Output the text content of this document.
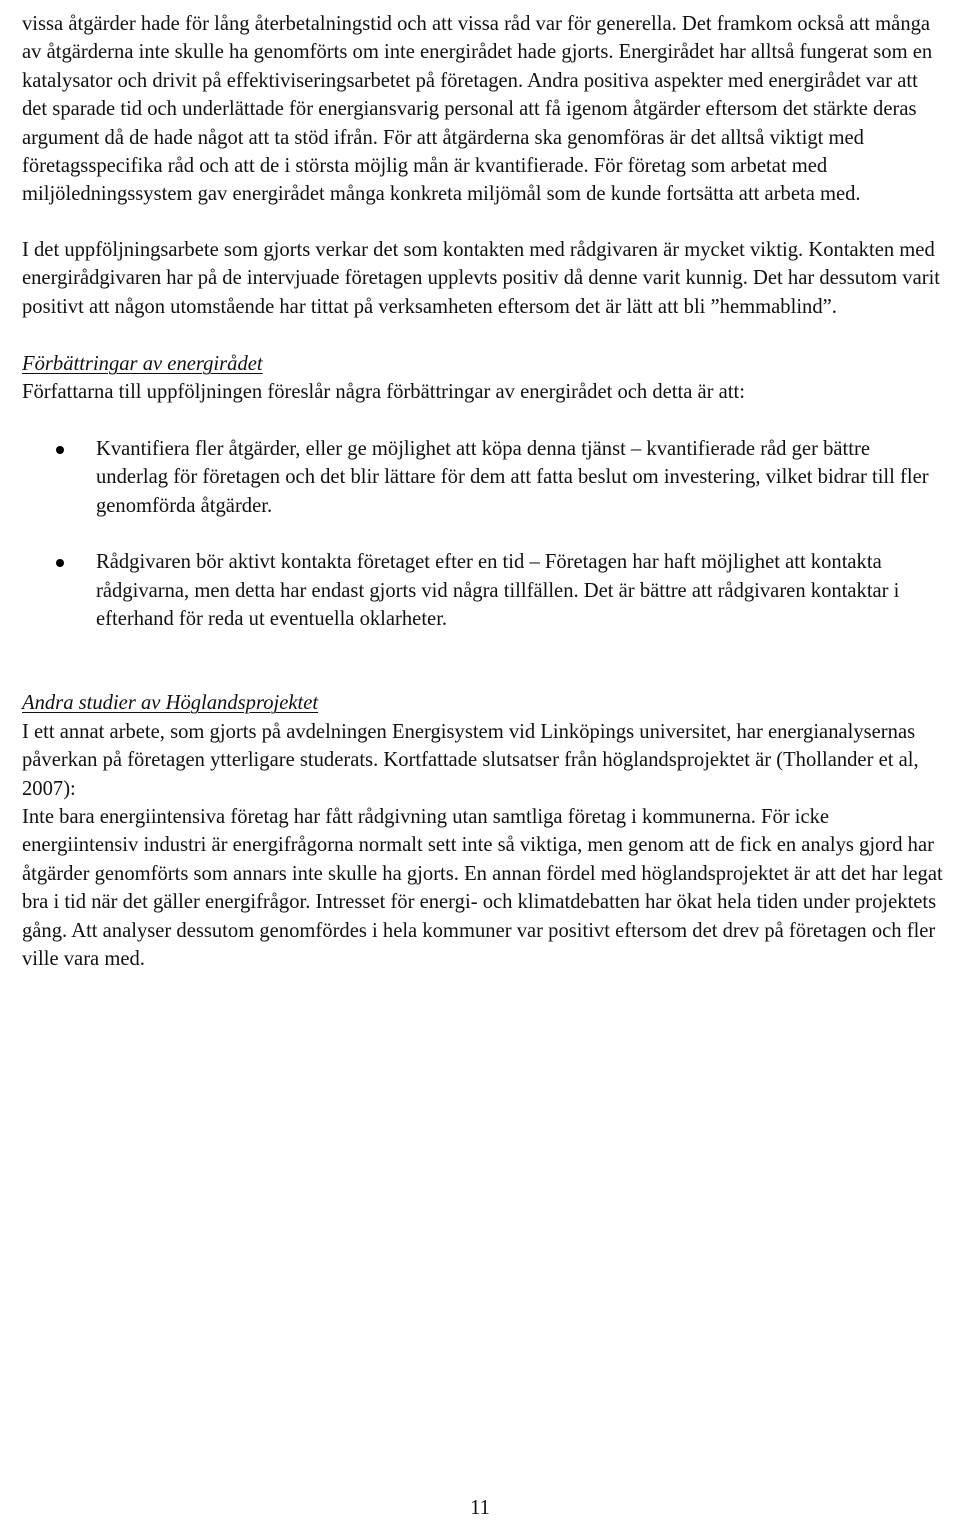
vissa åtgärder hade för lång återbetalningstid och att vissa råd var för generella. Det framkom också att många av åtgärderna inte skulle ha genomförts om inte energirådet hade gjorts. Energirådet har alltså fungerat som en katalysator och drivit på effektiviseringsarbetet på företagen. Andra positiva aspekter med energirådet var att det sparade tid och underlättade för energiansvarig personal att få igenom åtgärder eftersom det stärkte deras argument då de hade något att ta stöd ifrån. För att åtgärderna ska genomföras är det alltså viktigt med företagsspecifika råd och att de i största möjlig mån är kvantifierade. För företag som arbetat med miljöledningssystem gav energirådet många konkreta miljömål som de kunde fortsätta att arbeta med.

I det uppföljningsarbete som gjorts verkar det som kontakten med rådgivaren är mycket viktig. Kontakten med energirådgivaren har på de intervjuade företagen upplevts positiv då denne varit kunnig. Det har dessutom varit positivt att någon utomstående har tittat på verksamheten eftersom det är lätt att bli ”hemmablind”.

Förbättringar av energirådet

Författarna till uppföljningen föreslår några förbättringar av energirådet och detta är att:

Kvantifiera fler åtgärder, eller ge möjlighet att köpa denna tjänst – kvantifierade råd ger bättre underlag för företagen och det blir lättare för dem att fatta beslut om investering, vilket bidrar till fler genomförda åtgärder.
Rådgivaren bör aktivt kontakta företaget efter en tid – Företagen har haft möjlighet att kontakta rådgivarna, men detta har endast gjorts vid några tillfällen. Det är bättre att rådgivaren kontaktar i efterhand för reda ut eventuella oklarheter.

Andra studier av Höglandsprojektet

I ett annat arbete, som gjorts på avdelningen Energisystem vid Linköpings universitet, har energianalysernas påverkan på företagen ytterligare studerats. Kortfattade slutsatser från höglandsprojektet är (Thollander et al, 2007):

Inte bara energiintensiva företag har fått rådgivning utan samtliga företag i kommunerna. För icke energiintensiv industri är energifrågorna normalt sett inte så viktiga, men genom att de fick en analys gjord har åtgärder genomförts som annars inte skulle ha gjorts. En annan fördel med höglandsprojektet är att det har legat bra i tid när det gäller energifrågor. Intresset för energi- och klimatdebatten har ökat hela tiden under projektets gång. Att analyser dessutom genomfördes i hela kommuner var positivt eftersom det drev på företagen och fler ville vara med.

11
